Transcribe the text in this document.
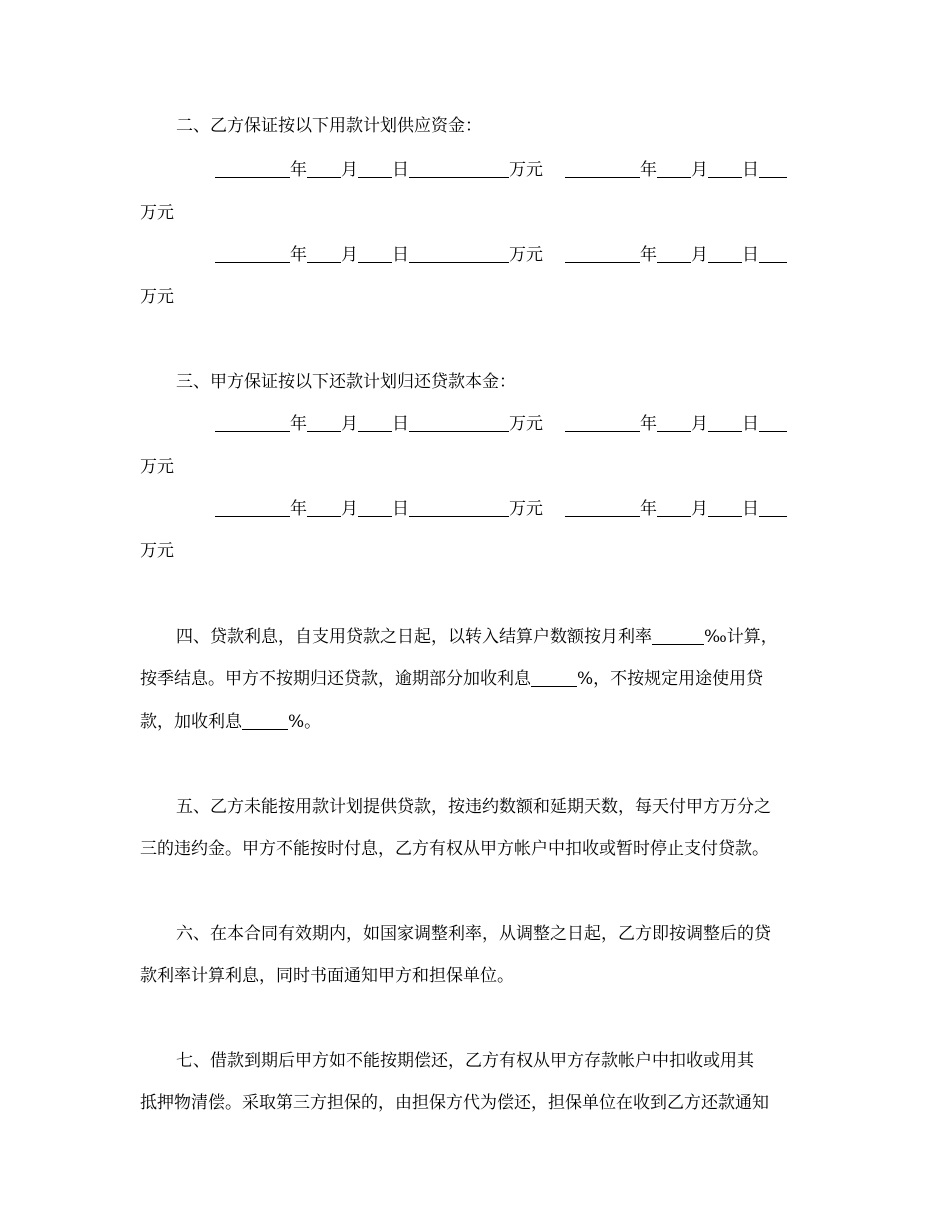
二、乙方保证按以下用款计划供应资金：
年 月 日	万元	年 月 日
万元
年 月 日	万元	年 月 日
万元
三、甲方保证按以下还款计划归还贷款本金：
年 月 日	万元	年 月 日
万元
年 月 日	万元	年 月 日
万元
四、贷款利息，自支用贷款之日起，以转入结算户数额按月利率	‰计算，
按季结息。甲方不按期归还贷款，逾期部分加收利息	%，不按规定用途使用贷
款，加收利息	%。
五、乙方未能按用款计划提供贷款，按违约数额和延期天数，每天付甲方万分之
三的违约金。甲方不能按时付息，乙方有权从甲方帐户中扣收或暂时停止支付贷款。
六、在本合同有效期内，如国家调整利率，从调整之日起，乙方即按调整后的贷
款利率计算利息，同时书面通知甲方和担保单位。
七、借款到期后甲方如不能按期偿还，乙方有权从甲方存款帐户中扣收或用其
抵押物清偿。采取第三方担保的，由担保方代为偿还，担保单位在收到乙方还款通知
